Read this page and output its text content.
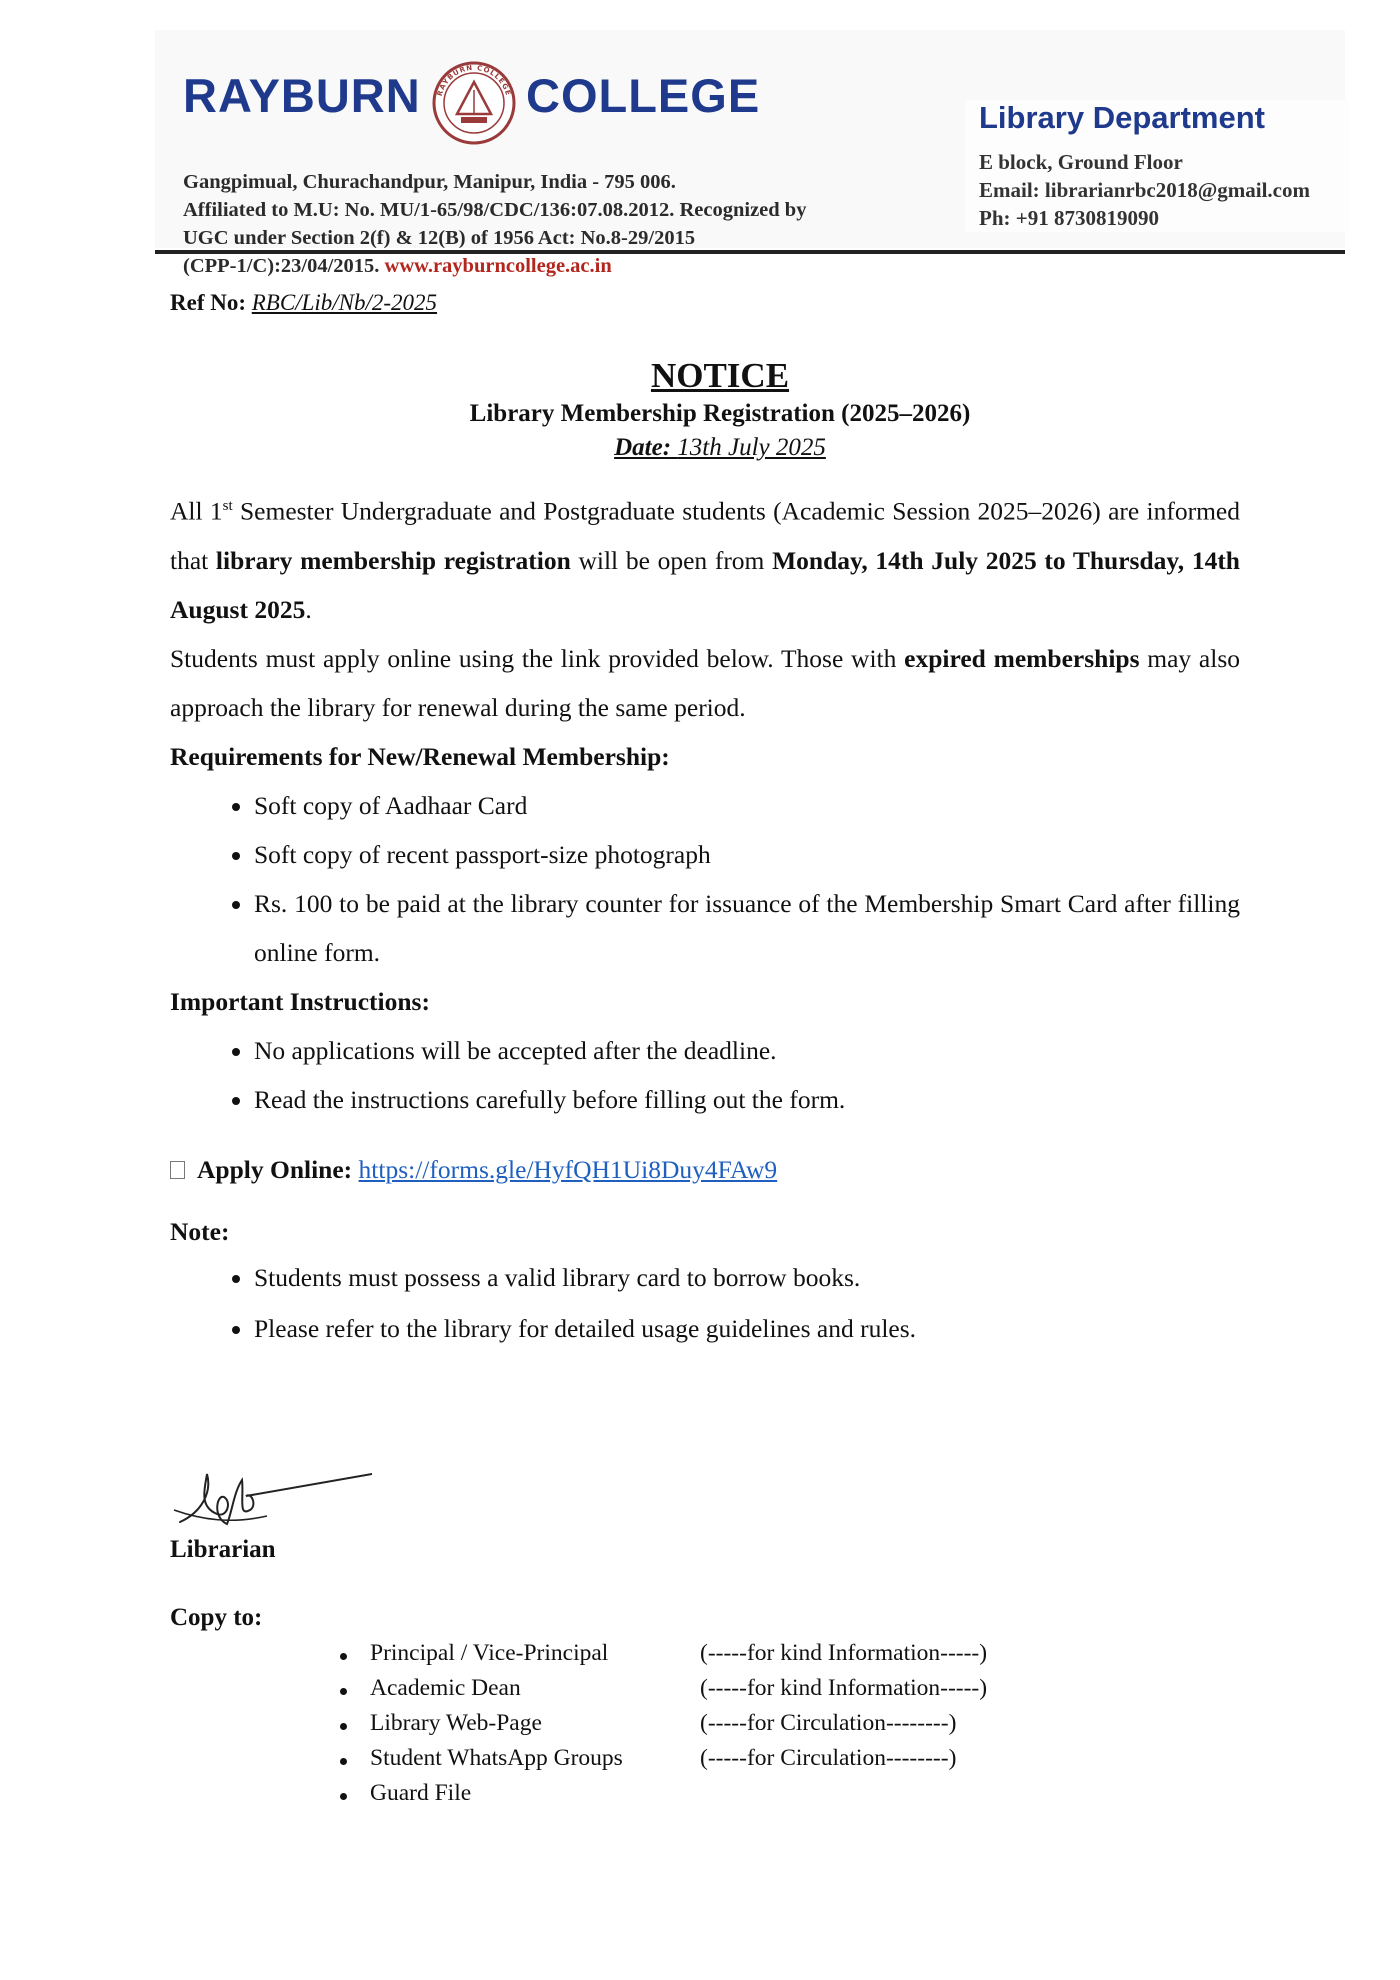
RAYBURN RAYBURN COLLEGE COLLEGE
Gangpimual, Churachandpur, Manipur, India - 795 006.
Affiliated to M.U: No. MU/1-65/98/CDC/136:07.08.2012. Recognized by
UGC under Section 2(f) & 12(B) of 1956 Act: No.8-29/2015
(CPP-1/C):23/04/2015. www.rayburncollege.ac.in
Library Department
E block, Ground Floor
Email: librarianrbc2018@gmail.com
Ph: +91 8730819090
Ref No: RBC/Lib/Nb/2-2025
NOTICE
Library Membership Registration (2025–2026)
Date: 13th July 2025

All 1st Semester Undergraduate and Postgraduate students (Academic Session 2025–2026) are informed that library membership registration will be open from Monday, 14th July 2025 to Thursday, 14th August 2025.

Students must apply online using the link provided below. Those with expired memberships may also approach the library for renewal during the same period.

Requirements for New/Renewal Membership:
• Soft copy of Aadhaar Card
• Soft copy of recent passport-size photograph
• Rs. 100 to be paid at the library counter for issuance of the Membership Smart Card after filling online form.
Important Instructions:
• No applications will be accepted after the deadline.
• Read the instructions carefully before filling out the form.
Apply Online: https://forms.gle/HyfQH1Ui8Duy4FAw9
Note:
• Students must possess a valid library card to borrow books.
• Please refer to the library for detailed usage guidelines and rules.
Librarian
Copy to:
Principal / Vice-Principal	(-----for kind Information-----)
Academic Dean	(-----for kind Information-----)
Library Web-Page	(-----for Circulation--------)
Student WhatsApp Groups	(-----for Circulation--------)
Guard File
